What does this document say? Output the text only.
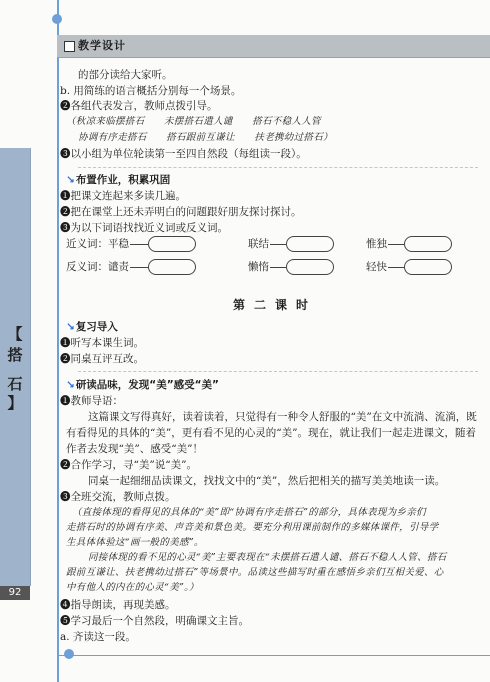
教学设计
【
搭
石
】
92
的部分读给大家听。
b. 用简练的语言概括分别每一个场景。
❷各组代表发言，教师点拨引导。
（秋凉来临摆搭石　　未摆搭石遣人谴　　搭石不稳人人管
协调有序走搭石　　搭石跟前互谦让　　扶老携幼过搭石）
❸以小组为单位轮读第一至四自然段（每组读一段）。
↘布置作业，积累巩固
❶把课文连起来多读几遍。
❷把在课堂上还未弄明白的问题跟好朋友探讨探讨。
❸为以下词语找找近义词或反义词。
近义词：平稳	联结	惟独
反义词：谴责	懒惰	轻快
第二课时
↘复习导入
❶听写本课生词。
❷同桌互评互改。
↘研读品味，发现“美”感受“美”
❶教师导语：
这篇课文写得真好，读着读着，只觉得有一种令人舒服的“美”在文中流淌、流淌，既
有看得见的具体的“美”，更有看不见的心灵的“美”。现在，就让我们一起走进课文，随着
作者去发现“美”、感受“美”！
❷合作学习，寻“美”说“美”。
同桌一起细细品读课文，找找文中的“美”，然后把相关的描写美美地读一读。
❸全班交流，教师点拨。
（直接体现的看得见的具体的“美”即“协调有序走搭石”的部分，具体表现为乡亲们
走搭石时的协调有序美、声音美和景色美。要充分利用课前制作的多媒体课件，引导学
生具体体验这“画一般的美感”。
同接体现的看不见的心灵“美”主要表现在“未摆搭石遣人谴、搭石不稳人人管、搭石
跟前互谦让、扶老携幼过搭石”等场景中。品读这些描写时重在感悟乡亲们互相关爱、心
中有他人的内在的心灵“美”。）
❹指导朗读，再现美感。
❺学习最后一个自然段，明确课文主旨。
a. 齐读这一段。
